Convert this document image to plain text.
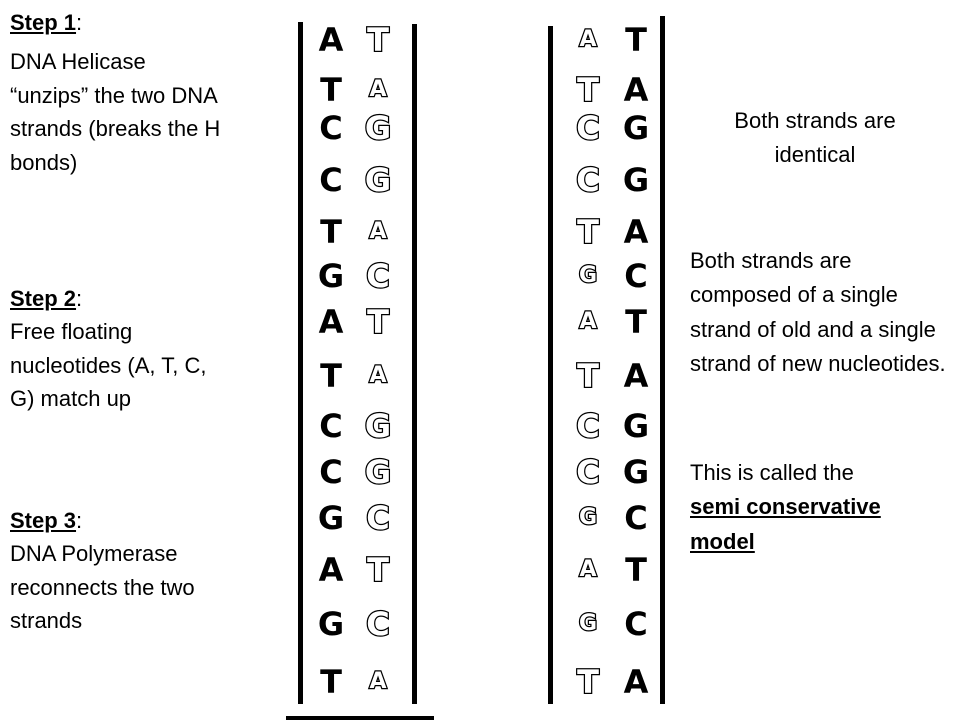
Step 1:
DNA Helicase “unzips” the two DNA strands (breaks the H bonds)
Step 2:
Free floating nucleotides (A, T, C, G) match up
Step 3:
DNA Polymerase reconnects the two strands
A
T
C
C
T
G
A
T
C
C
G
A
G
T
T
A
G
G
A
C
T
A
G
G
C
T
C
A
A
T
C
C
T
G
A
T
C
C
G
A
G
T
T
A
G
G
A
C
T
A
G
G
C
T
C
A
Both strands are identical
Both strands are composed of a single strand of old and a single strand of new nucleotides.
This is called the
semi conservative model
